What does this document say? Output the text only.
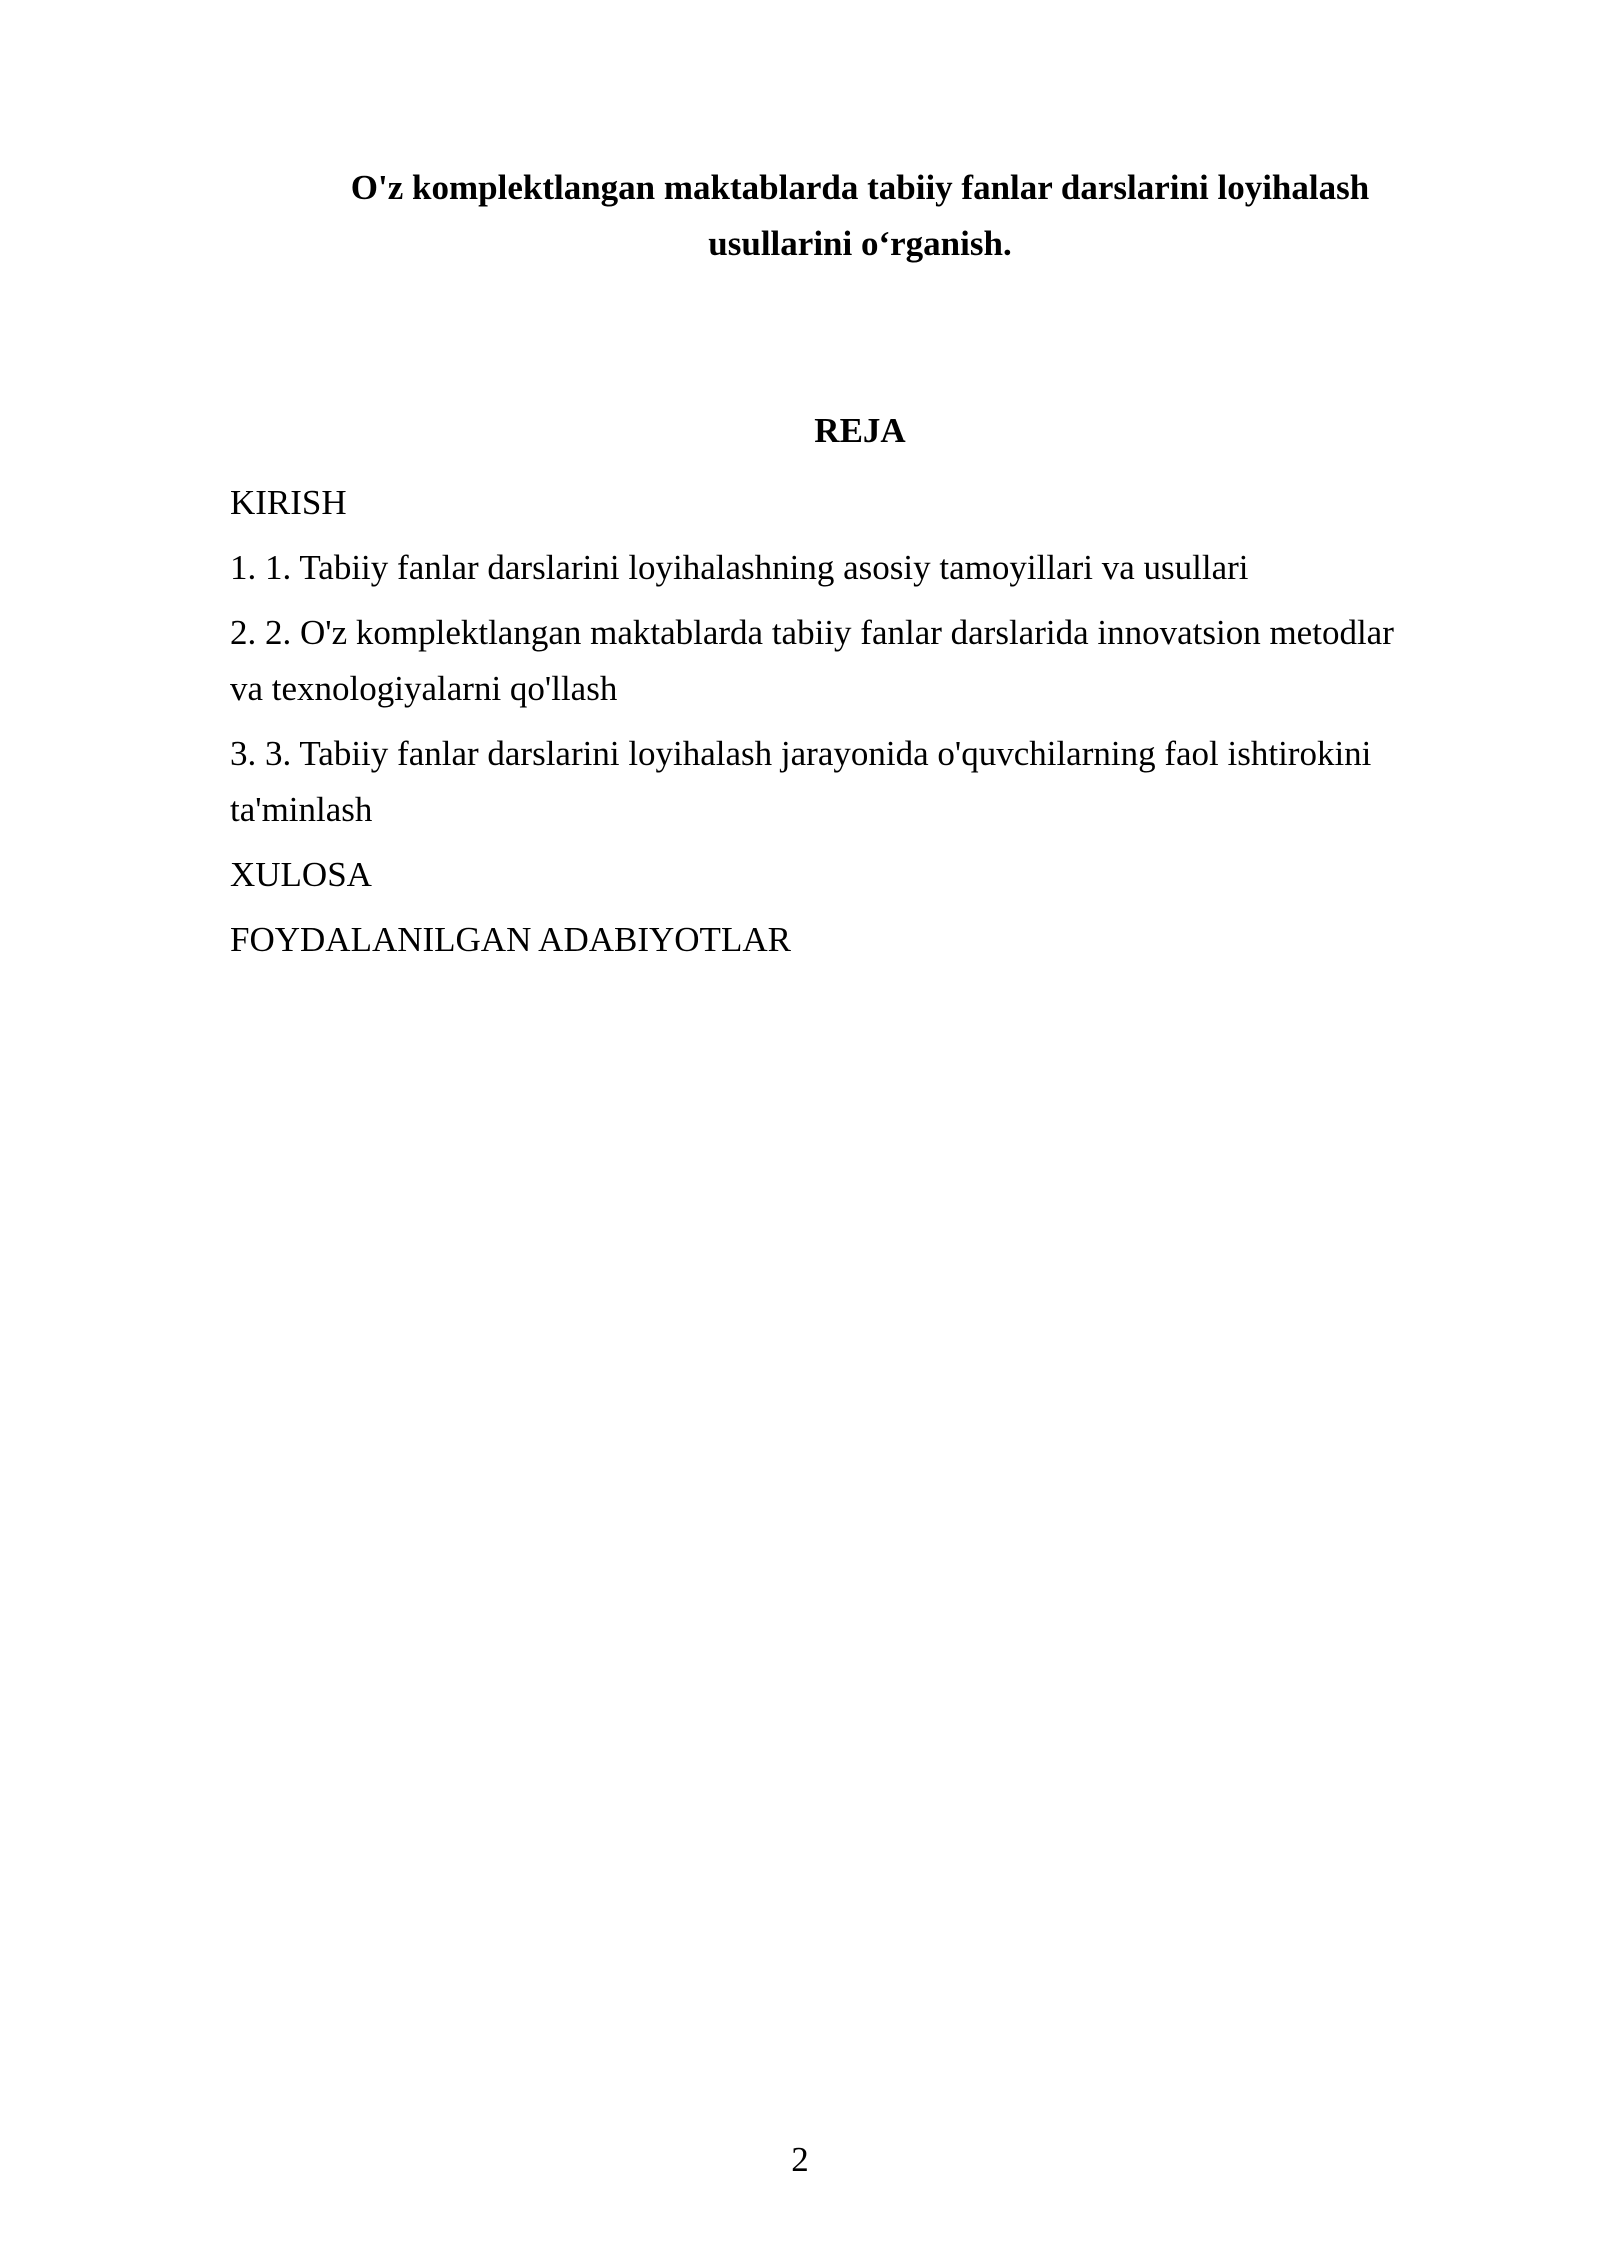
O'z komplektlangan maktablarda tabiiy fanlar darslarini loyihalash
usullarini o‘rganish.
REJA
KIRISH
1. 1. Tabiiy fanlar darslarini loyihalashning asosiy tamoyillari va usullari
2. 2. O'z komplektlangan maktablarda tabiiy fanlar darslarida innovatsion metodlar
va texnologiyalarni qo'llash
3. 3. Tabiiy fanlar darslarini loyihalash jarayonida o'quvchilarning faol ishtirokini
ta'minlash
XULOSA
FOYDALANILGAN ADABIYOTLAR
2
